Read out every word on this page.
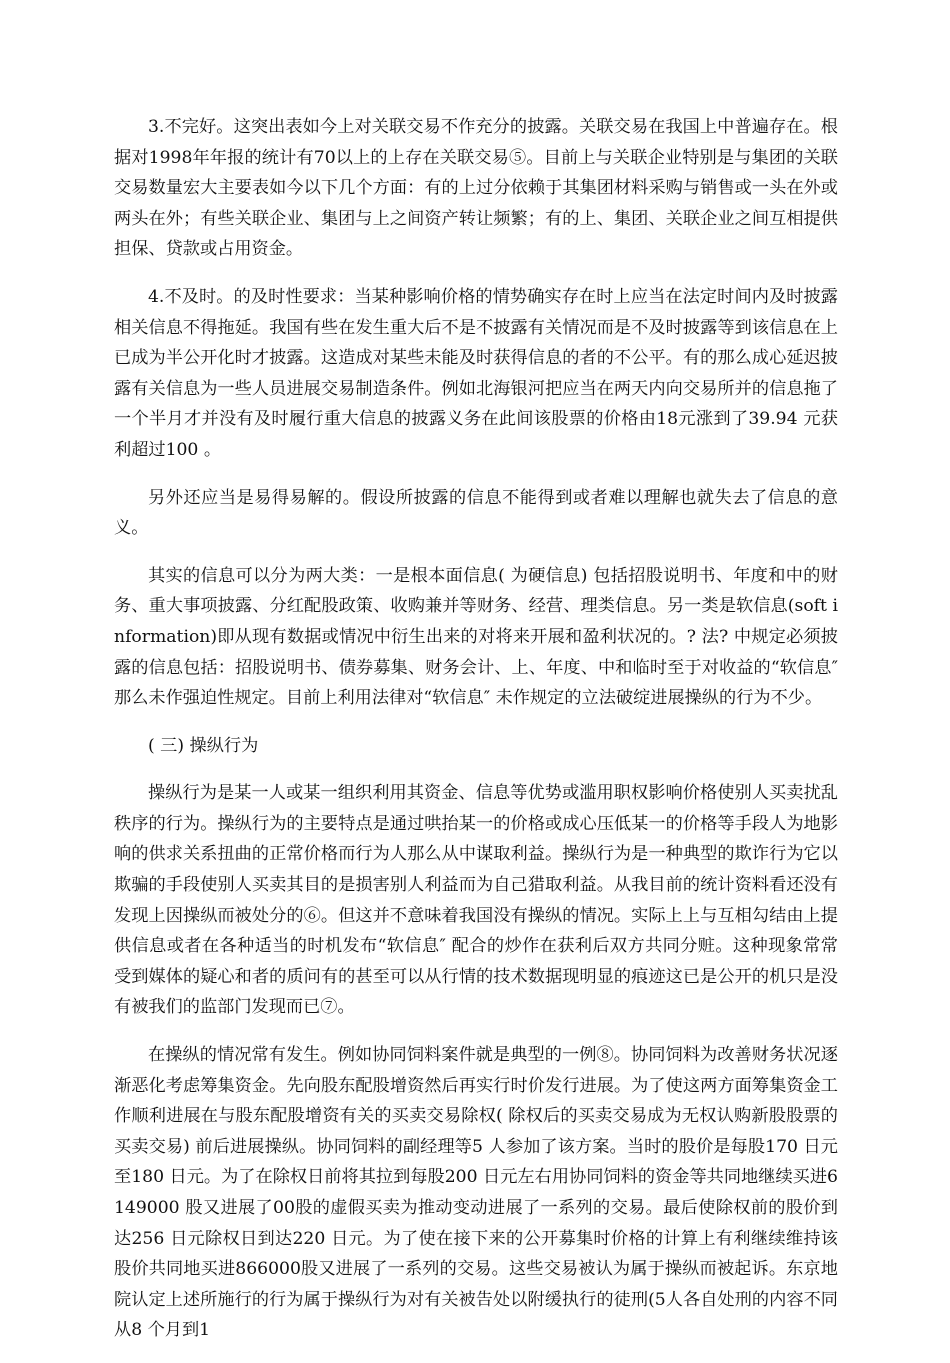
3.不完好。这突出表如今上对关联交易不作充分的披露。关联交易在我国上中普遍存在。根据对1998年年报的统计有70以上的上存在关联交易⑤。目前上与关联企业特别是与集团的关联交易数量宏大主要表如今以下几个方面：有的上过分依赖于其集团材料采购与销售或一头在外或两头在外；有些关联企业、集团与上之间资产转让频繁；有的上、集团、关联企业之间互相提供担保、贷款或占用资金。

4.不及时。的及时性要求：当某种影响价格的情势确实存在时上应当在法定时间内及时披露相关信息不得拖延。我国有些在发生重大后不是不披露有关情况而是不及时披露等到该信息在上已成为半公开化时才披露。这造成对某些未能及时获得信息的者的不公平。有的那么成心延迟披露有关信息为一些人员进展交易制造条件。例如北海银河把应当在两天内向交易所并的信息拖了一个半月才并没有及时履行重大信息的披露义务在此间该股票的价格由18元涨到了39.94 元获利超过100 。

另外还应当是易得易解的。假设所披露的信息不能得到或者难以理解也就失去了信息的意义。

其实的信息可以分为两大类：一是根本面信息( 为硬信息) 包括招股说明书、年度和中的财务、重大事项披露、分红配股政策、收购兼并等财务、经营、理类信息。另一类是软信息(soft information)即从现有数据或情况中衍生出来的对将来开展和盈利状况的。? 法? 中规定必须披露的信息包括：招股说明书、债券募集、财务会计、上、年度、中和临时至于对收益的“软信息″ 那么未作强迫性规定。目前上利用法律对“软信息″ 未作规定的立法破绽进展操纵的行为不少。

( 三) 操纵行为

操纵行为是某一人或某一组织利用其资金、信息等优势或滥用职权影响价格使别人买卖扰乱秩序的行为。操纵行为的主要特点是通过哄抬某一的价格或成心压低某一的价格等手段人为地影响的供求关系扭曲的正常价格而行为人那么从中谋取利益。操纵行为是一种典型的欺诈行为它以欺骗的手段使别人买卖其目的是损害别人利益而为自己猎取利益。从我目前的统计资料看还没有发现上因操纵而被处分的⑥。但这并不意味着我国没有操纵的情况。实际上上与互相勾结由上提供信息或者在各种适当的时机发布“软信息″ 配合的炒作在获利后双方共同分赃。这种现象常常受到媒体的疑心和者的质问有的甚至可以从行情的技术数据现明显的痕迹这已是公开的机只是没有被我们的监部门发现而已⑦。

在操纵的情况常有发生。例如协同饲料案件就是典型的一例⑧。协同饲料为改善财务状况逐渐恶化考虑筹集资金。先向股东配股增资然后再实行时价发行进展。为了使这两方面筹集资金工作顺利进展在与股东配股增资有关的买卖交易除权( 除权后的买卖交易成为无权认购新股股票的买卖交易) 前后进展操纵。协同饲料的副经理等5 人参加了该方案。当时的股价是每股170 日元至180 日元。为了在除权日前将其拉到每股200 日元左右用协同饲料的资金等共同地继续买进6149000 股又进展了00股的虚假买卖为推动变动进展了一系列的交易。最后使除权前的股价到达256 日元除权日到达220 日元。为了使在接下来的公开募集时价格的计算上有利继续维持该股价共同地买进866000股又进展了一系列的交易。这些交易被认为属于操纵而被起诉。东京地院认定上述所施行的行为属于操纵行为对有关被告处以附缓执行的徒刑(5人各自处刑的内容不同从8 个月到1
